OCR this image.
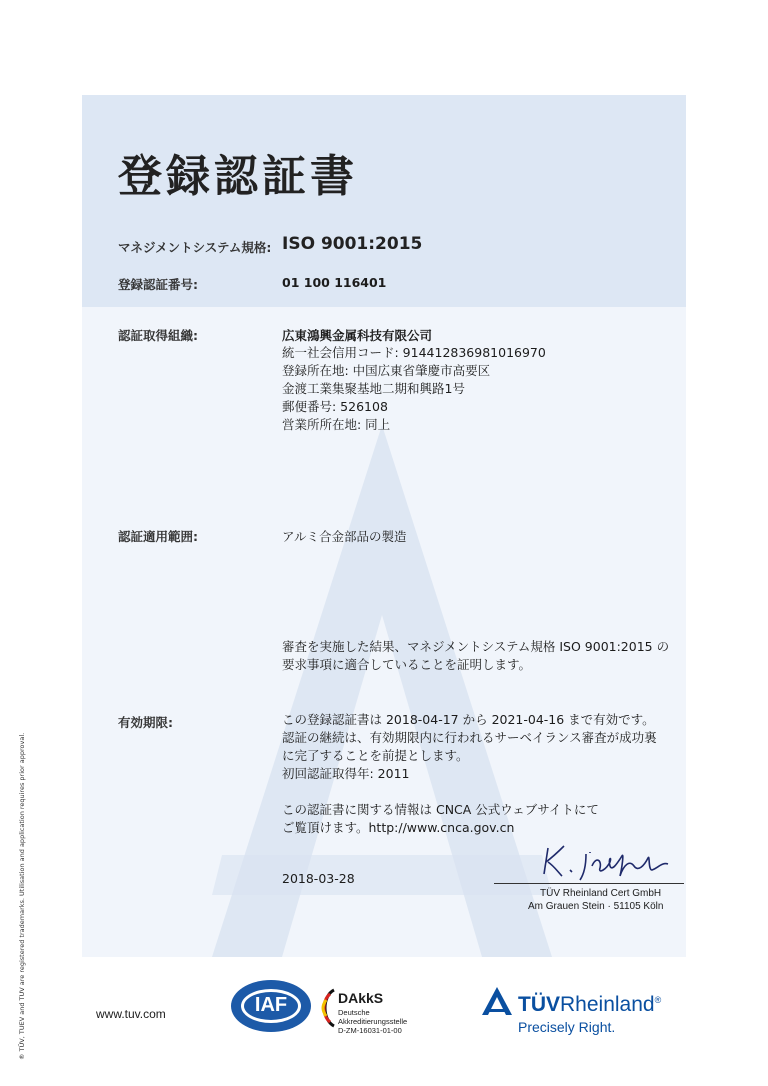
登録認証書
マネジメントシステム規格: ISO 9001:2015
登録認証番号:	01 100 116401
認証取得組織:	広東鴻興金属科技有限公司
統一社会信用コード: 914412836981016970
登録所在地: 中国広東省肇慶市高要区
金渡工業集聚基地二期和興路1号
郵便番号: 526108
営業所所在地: 同上
認証適用範囲:	アルミ合金部品の製造
審査を実施した結果、マネジメントシステム規格 ISO 9001:2015 の
要求事項に適合していることを証明します。
有効期限:	この登録認証書は 2018-04-17 から 2021-04-16 まで有効です。
認証の継続は、有効期限内に行われるサーベイランス審査が成功裏
に完了することを前提とします。
初回認証取得年: 2011
この認証書に関する情報は CNCA 公式ウェブサイトにて
ご覧頂けます。http://www.cnca.gov.cn
2018-03-28
TÜV Rheinland Cert GmbH
Am Grauen Stein · 51105 Köln
www.tuv.com	IAF	DAkkS
Deutsche
Akkreditierungsstelle
D-ZM-16031-01-00
TÜVRheinland®
Precisely Right.
® TÜV, TUEV and TUV are registered trademarks. Utilisation and application requires prior approval.
